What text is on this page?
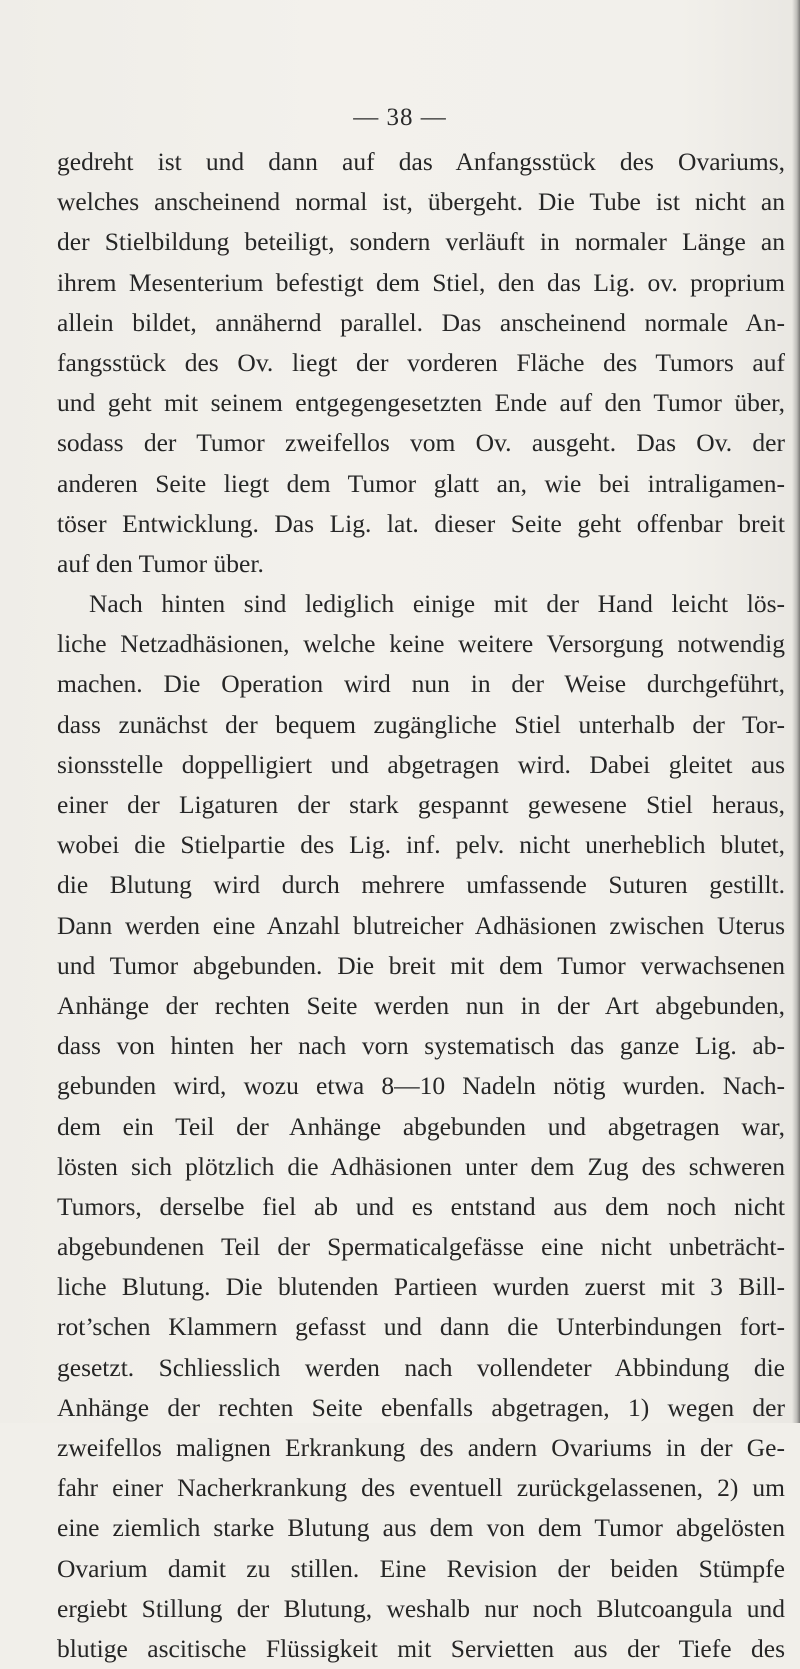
— 38 —
gedreht ist und dann auf das Anfangsstück des Ovariums,
welches anscheinend normal ist, übergeht. Die Tube ist nicht an
der Stielbildung beteiligt, sondern verläuft in normaler Länge an
ihrem Mesenterium befestigt dem Stiel, den das Lig. ov. proprium
allein bildet, annähernd parallel. Das anscheinend normale An-
fangsstück des Ov. liegt der vorderen Fläche des Tumors auf
und geht mit seinem entgegengesetzten Ende auf den Tumor über,
sodass der Tumor zweifellos vom Ov. ausgeht. Das Ov. der
anderen Seite liegt dem Tumor glatt an, wie bei intraligamen-
töser Entwicklung. Das Lig. lat. dieser Seite geht offenbar breit
auf den Tumor über.
Nach hinten sind lediglich einige mit der Hand leicht lös-
liche Netzadhäsionen, welche keine weitere Versorgung notwendig
machen. Die Operation wird nun in der Weise durchgeführt,
dass zunächst der bequem zugängliche Stiel unterhalb der Tor-
sionsstelle doppelligiert und abgetragen wird. Dabei gleitet aus
einer der Ligaturen der stark gespannt gewesene Stiel heraus,
wobei die Stielpartie des Lig. inf. pelv. nicht unerheblich blutet,
die Blutung wird durch mehrere umfassende Suturen gestillt.
Dann werden eine Anzahl blutreicher Adhäsionen zwischen Uterus
und Tumor abgebunden. Die breit mit dem Tumor verwachsenen
Anhänge der rechten Seite werden nun in der Art abgebunden,
dass von hinten her nach vorn systematisch das ganze Lig. ab-
gebunden wird, wozu etwa 8—10 Nadeln nötig wurden. Nach-
dem ein Teil der Anhänge abgebunden und abgetragen war,
lösten sich plötzlich die Adhäsionen unter dem Zug des schweren
Tumors, derselbe fiel ab und es entstand aus dem noch nicht
abgebundenen Teil der Spermaticalgefässe eine nicht unbeträcht-
liche Blutung. Die blutenden Partieen wurden zuerst mit 3 Bill-
rot’schen Klammern gefasst und dann die Unterbindungen fort-
gesetzt. Schliesslich werden nach vollendeter Abbindung die
Anhänge der rechten Seite ebenfalls abgetragen, 1) wegen der
zweifellos malignen Erkrankung des andern Ovariums in der Ge-
fahr einer Nacherkrankung des eventuell zurückgelassenen, 2) um
eine ziemlich starke Blutung aus dem von dem Tumor abgelösten
Ovarium damit zu stillen. Eine Revision der beiden Stümpfe
ergiebt Stillung der Blutung, weshalb nur noch Blutcoangula und
blutige ascitische Flüssigkeit mit Servietten aus der Tiefe des
